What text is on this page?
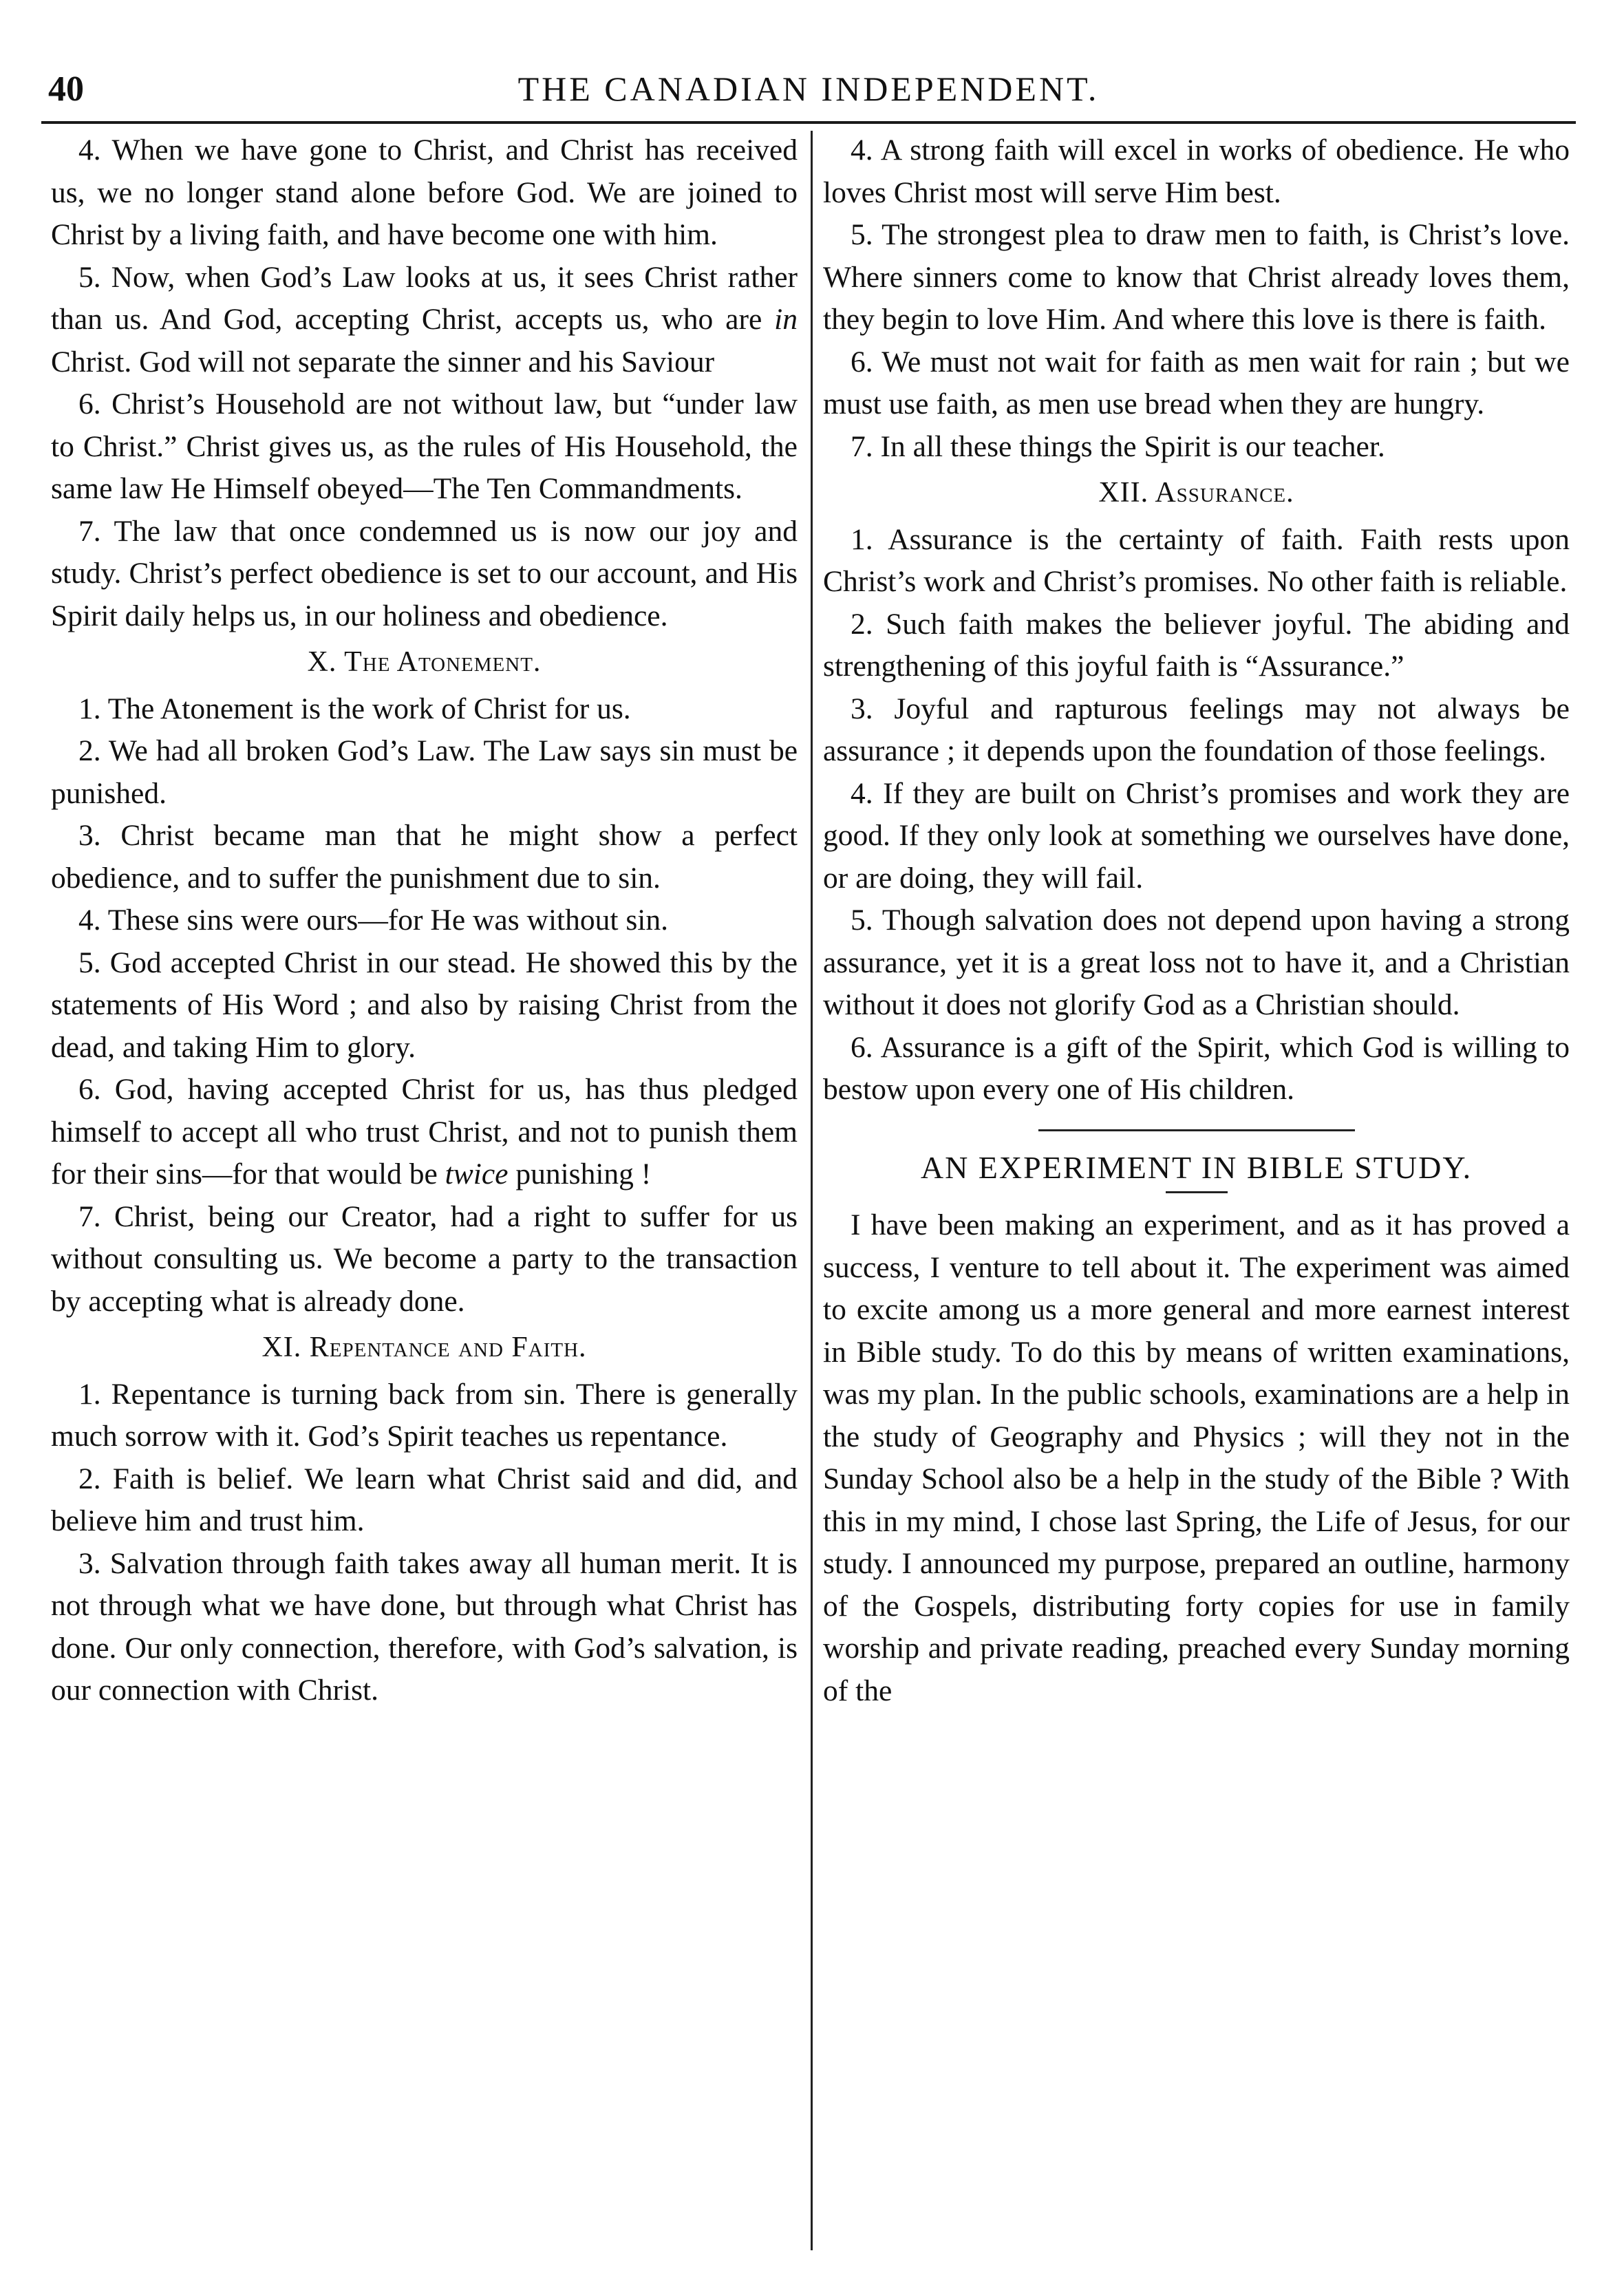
40	THE CANADIAN INDEPENDENT.

4. When we have gone to Christ, and Christ has received us, we no longer stand alone before God. We are joined to Christ by a living faith, and have become one with him.

5. Now, when God’s Law looks at us, it sees Christ rather than us. And God, accepting Christ, accepts us, who are in Christ. God will not separate the sinner and his Saviour

6. Christ’s Household are not without law, but “under law to Christ.” Christ gives us, as the rules of His Household, the same law He Himself obeyed—The Ten Commandments.

7. The law that once condemned us is now our joy and study. Christ’s perfect obedience is set to our account, and His Spirit daily helps us, in our holiness and obedience.

X. The Atonement.

1. The Atonement is the work of Christ for us.

2. We had all broken God’s Law. The Law says sin must be punished.

3. Christ became man that he might show a perfect obedience, and to suffer the punishment due to sin.

4. These sins were ours—for He was without sin.

5. God accepted Christ in our stead. He showed this by the statements of His Word ; and also by raising Christ from the dead, and taking Him to glory.

6. God, having accepted Christ for us, has thus pledged himself to accept all who trust Christ, and not to punish them for their sins—for that would be twice punishing !

7. Christ, being our Creator, had a right to suffer for us without consulting us. We become a party to the transaction by accepting what is already done.

XI. Repentance and Faith.

1. Repentance is turning back from sin. There is generally much sorrow with it. God’s Spirit teaches us repentance.

2. Faith is belief. We learn what Christ said and did, and believe him and trust him.

3. Salvation through faith takes away all human merit. It is not through what we have done, but through what Christ has done. Our only connection, therefore, with God’s salvation, is our connection with Christ.

4. A strong faith will excel in works of obedience. He who loves Christ most will serve Him best.

5. The strongest plea to draw men to faith, is Christ’s love. Where sinners come to know that Christ already loves them, they begin to love Him. And where this love is there is faith.

6. We must not wait for faith as men wait for rain ; but we must use faith, as men use bread when they are hungry.

7. In all these things the Spirit is our teacher.

XII. Assurance.

1. Assurance is the certainty of faith. Faith rests upon Christ’s work and Christ’s promises. No other faith is reliable.

2. Such faith makes the believer joyful. The abiding and strengthening of this joyful faith is “Assurance.”

3. Joyful and rapturous feelings may not always be assurance ; it depends upon the foundation of those feelings.

4. If they are built on Christ’s promises and work they are good. If they only look at something we ourselves have done, or are doing, they will fail.

5. Though salvation does not depend upon having a strong assurance, yet it is a great loss not to have it, and a Christian without it does not glorify God as a Christian should.

6. Assurance is a gift of the Spirit, which God is willing to bestow upon every one of His children.

AN EXPERIMENT IN BIBLE STUDY.

I have been making an experiment, and as it has proved a success, I venture to tell about it. The experiment was aimed to excite among us a more general and more earnest interest in Bible study. To do this by means of written examinations, was my plan. In the public schools, examinations are a help in the study of Geography and Physics ; will they not in the Sunday School also be a help in the study of the Bible ? With this in my mind, I chose last Spring, the Life of Jesus, for our study. I announced my purpose, prepared an outline, harmony of the Gospels, distributing forty copies for use in family worship and private reading, preached every Sunday morning of the
